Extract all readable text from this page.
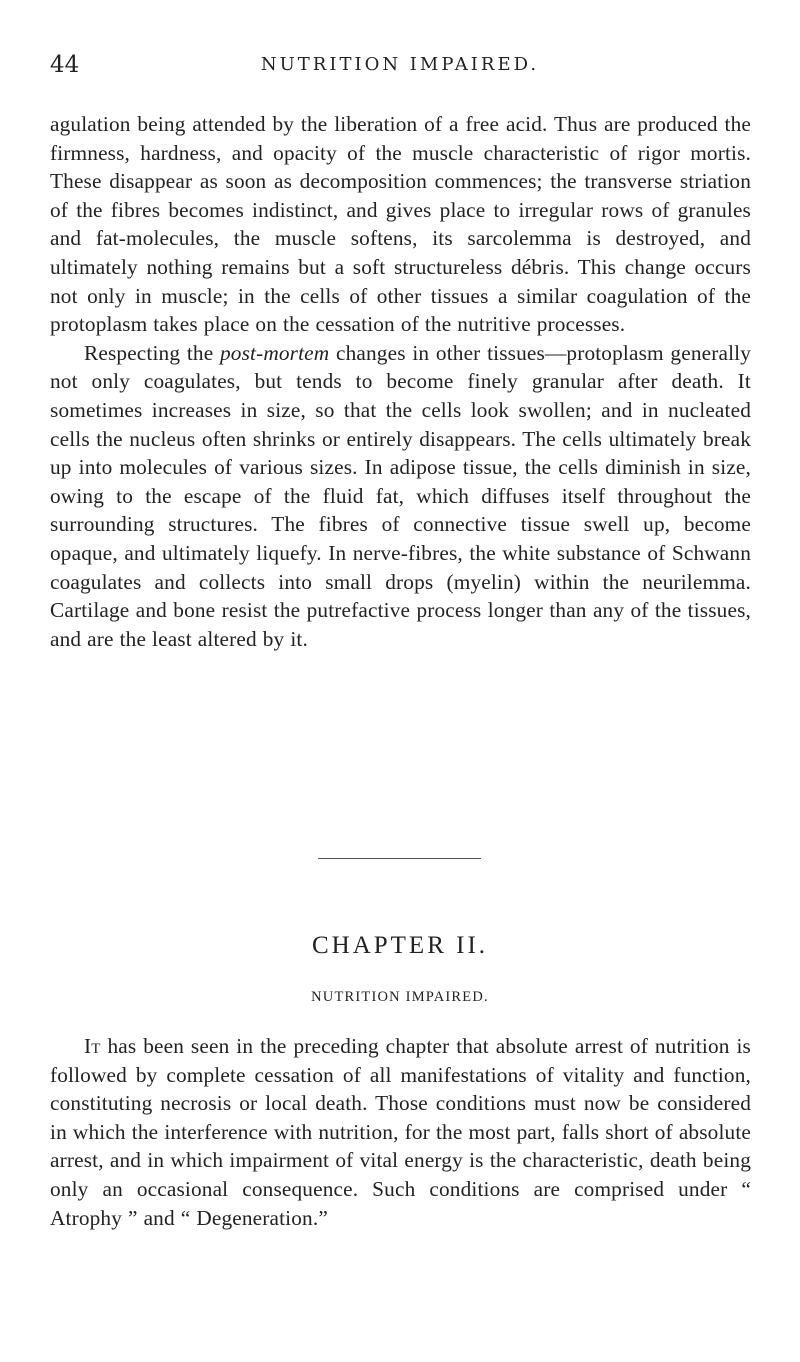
44	NUTRITION IMPAIRED.

agulation being attended by the liberation of a free acid. Thus are produced the firmness, hardness, and opacity of the muscle characteristic of rigor mortis. These disappear as soon as decomposition commences; the transverse striation of the fibres becomes indistinct, and gives place to irregular rows of granules and fat-molecules, the muscle softens, its sarcolemma is destroyed, and ultimately nothing remains but a soft structureless débris. This change occurs not only in muscle; in the cells of other tissues a similar coagulation of the protoplasm takes place on the cessation of the nutritive processes.

Respecting the post-mortem changes in other tissues—protoplasm generally not only coagulates, but tends to become finely granular after death. It sometimes increases in size, so that the cells look swollen; and in nucleated cells the nucleus often shrinks or entirely disappears. The cells ultimately break up into molecules of various sizes. In adipose tissue, the cells diminish in size, owing to the escape of the fluid fat, which diffuses itself throughout the surrounding structures. The fibres of connective tissue swell up, become opaque, and ultimately liquefy. In nerve-fibres, the white substance of Schwann coagulates and collects into small drops (myelin) within the neurilemma. Cartilage and bone resist the putrefactive process longer than any of the tissues, and are the least altered by it.

CHAPTER II.
NUTRITION IMPAIRED.

It has been seen in the preceding chapter that absolute arrest of nutrition is followed by complete cessation of all manifestations of vitality and function, constituting necrosis or local death. Those conditions must now be considered in which the interference with nutrition, for the most part, falls short of absolute arrest, and in which impairment of vital energy is the characteristic, death being only an occasional consequence. Such conditions are comprised under “ Atrophy ” and “ Degeneration.”
